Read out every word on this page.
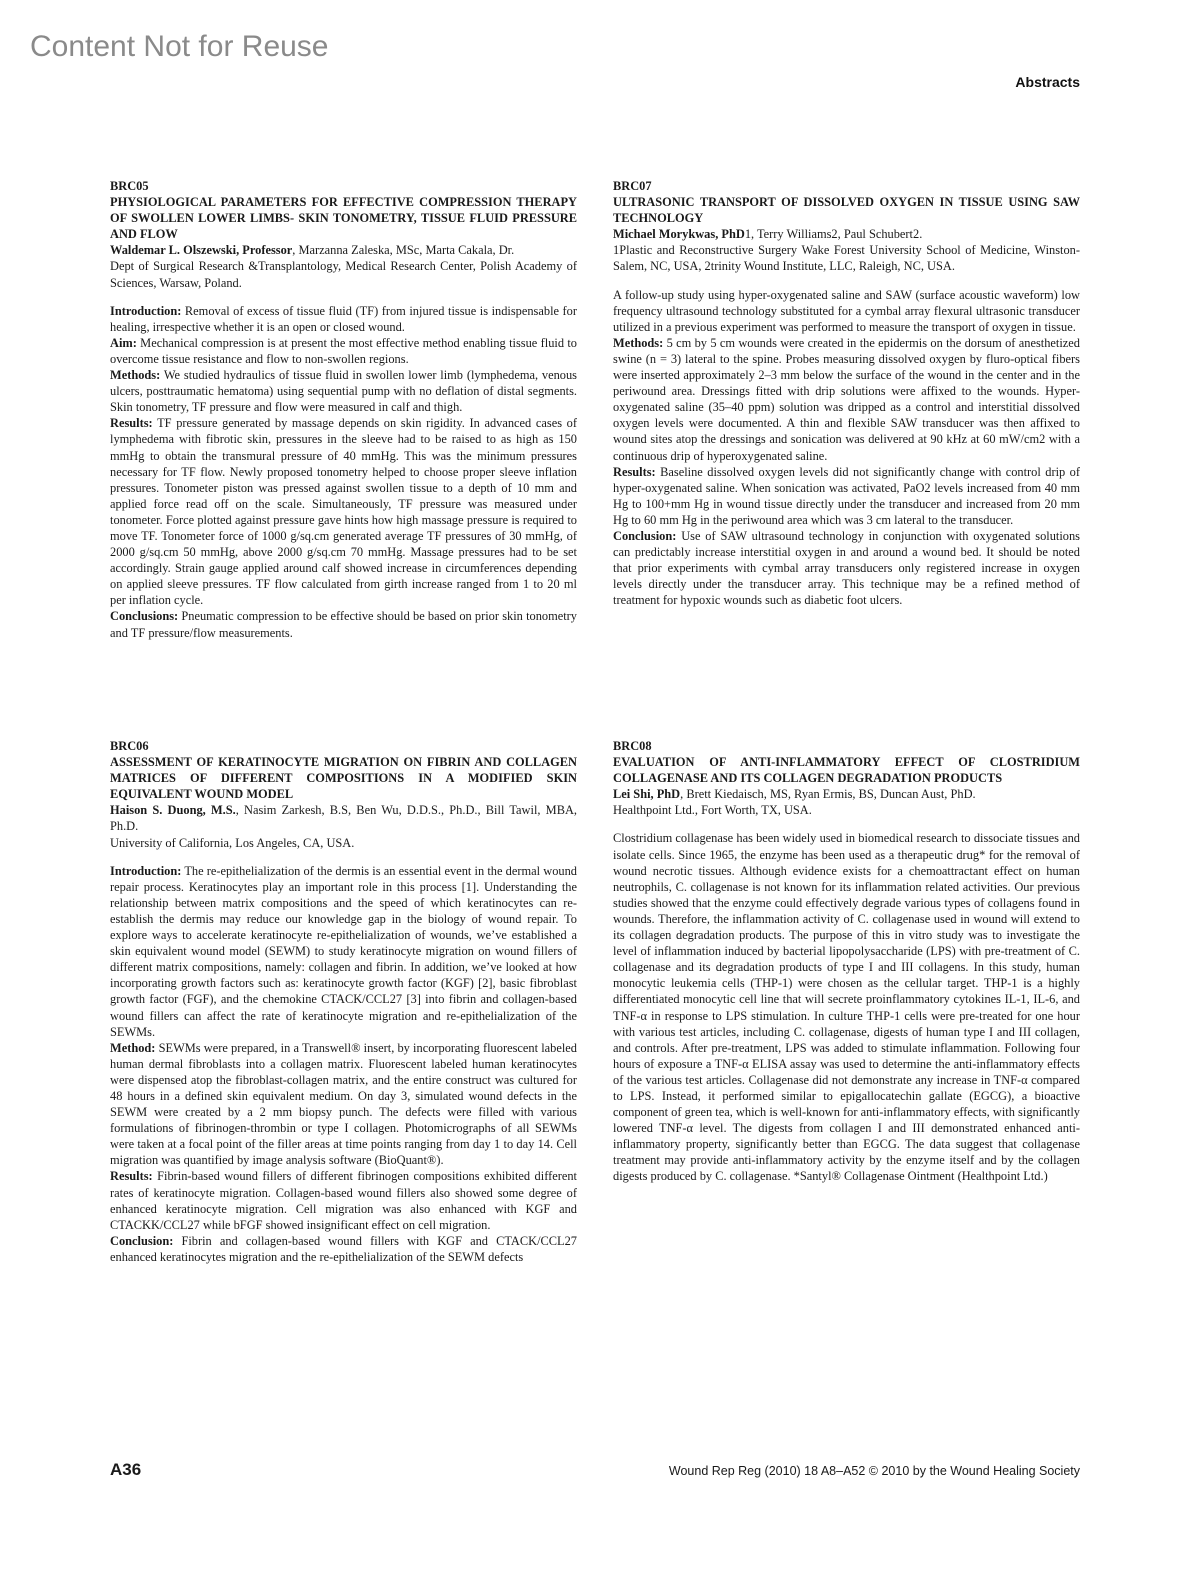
Content Not for Reuse
Abstracts

BRC05

PHYSIOLOGICAL PARAMETERS FOR EFFECTIVE COMPRESSION THERAPY OF SWOLLEN LOWER LIMBS- SKIN TONOMETRY, TISSUE FLUID PRESSURE AND FLOW

Waldemar L. Olszewski, Professor, Marzanna Zaleska, MSc, Marta Cakala, Dr.

Dept of Surgical Research &Transplantology, Medical Research Center, Polish Academy of Sciences, Warsaw, Poland.

Introduction: Removal of excess of tissue fluid (TF) from injured tissue is indispensable for healing, irrespective whether it is an open or closed wound.

Aim: Mechanical compression is at present the most effective method enabling tissue fluid to overcome tissue resistance and flow to non-swollen regions.

Methods: We studied hydraulics of tissue fluid in swollen lower limb (lymphedema, venous ulcers, posttraumatic hematoma) using sequential pump with no deflation of distal segments. Skin tonometry, TF pressure and flow were measured in calf and thigh.

Results: TF pressure generated by massage depends on skin rigidity. In advanced cases of lymphedema with fibrotic skin, pressures in the sleeve had to be raised to as high as 150 mmHg to obtain the transmural pressure of 40 mmHg. This was the minimum pressures necessary for TF flow. Newly proposed tonometry helped to choose proper sleeve inflation pressures. Tonometer piston was pressed against swollen tissue to a depth of 10 mm and applied force read off on the scale. Simultaneously, TF pressure was measured under tonometer. Force plotted against pressure gave hints how high massage pressure is required to move TF. Tonometer force of 1000 g/sq.cm generated average TF pressures of 30 mmHg, of 2000 g/sq.cm 50 mmHg, above 2000 g/sq.cm 70 mmHg. Massage pressures had to be set accordingly. Strain gauge applied around calf showed increase in circumferences depending on applied sleeve pressures. TF flow calculated from girth increase ranged from 1 to 20 ml per inflation cycle.

Conclusions: Pneumatic compression to be effective should be based on prior skin tonometry and TF pressure/flow measurements.

BRC07

ULTRASONIC TRANSPORT OF DISSOLVED OXYGEN IN TISSUE USING SAW TECHNOLOGY

Michael Morykwas, PhD1, Terry Williams2, Paul Schubert2.

1Plastic and Reconstructive Surgery Wake Forest University School of Medicine, Winston-Salem, NC, USA, 2trinity Wound Institute, LLC, Raleigh, NC, USA.

A follow-up study using hyper-oxygenated saline and SAW (surface acoustic waveform) low frequency ultrasound technology substituted for a cymbal array flexural ultrasonic transducer utilized in a previous experiment was performed to measure the transport of oxygen in tissue.

Methods: 5 cm by 5 cm wounds were created in the epidermis on the dorsum of anesthetized swine (n = 3) lateral to the spine. Probes measuring dissolved oxygen by fluro-optical fibers were inserted approximately 2–3 mm below the surface of the wound in the center and in the periwound area. Dressings fitted with drip solutions were affixed to the wounds. Hyper-oxygenated saline (35–40 ppm) solution was dripped as a control and interstitial dissolved oxygen levels were documented. A thin and flexible SAW transducer was then affixed to wound sites atop the dressings and sonication was delivered at 90 kHz at 60 mW/cm2 with a continuous drip of hyperoxygenated saline.

Results: Baseline dissolved oxygen levels did not significantly change with control drip of hyper-oxygenated saline. When sonication was activated, PaO2 levels increased from 40 mm Hg to 100+mm Hg in wound tissue directly under the transducer and increased from 20 mm Hg to 60 mm Hg in the periwound area which was 3 cm lateral to the transducer.

Conclusion: Use of SAW ultrasound technology in conjunction with oxygenated solutions can predictably increase interstitial oxygen in and around a wound bed. It should be noted that prior experiments with cymbal array transducers only registered increase in oxygen levels directly under the transducer array. This technique may be a refined method of treatment for hypoxic wounds such as diabetic foot ulcers.

BRC06

ASSESSMENT OF KERATINOCYTE MIGRATION ON FIBRIN AND COLLAGEN MATRICES OF DIFFERENT COMPOSITIONS IN A MODIFIED SKIN EQUIVALENT WOUND MODEL

Haison S. Duong, M.S., Nasim Zarkesh, B.S, Ben Wu, D.D.S., Ph.D., Bill Tawil, MBA, Ph.D.

University of California, Los Angeles, CA, USA.

Introduction: The re-epithelialization of the dermis is an essential event in the dermal wound repair process. Keratinocytes play an important role in this process [1]. Understanding the relationship between matrix compositions and the speed of which keratinocytes can re-establish the dermis may reduce our knowledge gap in the biology of wound repair. To explore ways to accelerate keratinocyte re-epithelialization of wounds, we’ve established a skin equivalent wound model (SEWM) to study keratinocyte migration on wound fillers of different matrix compositions, namely: collagen and fibrin. In addition, we’ve looked at how incorporating growth factors such as: keratinocyte growth factor (KGF) [2], basic fibroblast growth factor (FGF), and the chemokine CTACK/CCL27 [3] into fibrin and collagen-based wound fillers can affect the rate of keratinocyte migration and re-epithelialization of the SEWMs.

Method: SEWMs were prepared, in a Transwell® insert, by incorporating fluorescent labeled human dermal fibroblasts into a collagen matrix. Fluorescent labeled human keratinocytes were dispensed atop the fibroblast-collagen matrix, and the entire construct was cultured for 48 hours in a defined skin equivalent medium. On day 3, simulated wound defects in the SEWM were created by a 2 mm biopsy punch. The defects were filled with various formulations of fibrinogen-thrombin or type I collagen. Photomicrographs of all SEWMs were taken at a focal point of the filler areas at time points ranging from day 1 to day 14. Cell migration was quantified by image analysis software (BioQuant®).

Results: Fibrin-based wound fillers of different fibrinogen compositions exhibited different rates of keratinocyte migration. Collagen-based wound fillers also showed some degree of enhanced keratinocyte migration. Cell migration was also enhanced with KGF and CTACKK/CCL27 while bFGF showed insignificant effect on cell migration.

Conclusion: Fibrin and collagen-based wound fillers with KGF and CTACK/CCL27 enhanced keratinocytes migration and the re-epithelialization of the SEWM defects

BRC08

EVALUATION OF ANTI-INFLAMMATORY EFFECT OF CLOSTRIDIUM COLLAGENASE AND ITS COLLAGEN DEGRADATION PRODUCTS

Lei Shi, PhD, Brett Kiedaisch, MS, Ryan Ermis, BS, Duncan Aust, PhD.

Healthpoint Ltd., Fort Worth, TX, USA.

Clostridium collagenase has been widely used in biomedical research to dissociate tissues and isolate cells. Since 1965, the enzyme has been used as a therapeutic drug* for the removal of wound necrotic tissues. Although evidence exists for a chemoattractant effect on human neutrophils, C. collagenase is not known for its inflammation related activities. Our previous studies showed that the enzyme could effectively degrade various types of collagens found in wounds. Therefore, the inflammation activity of C. collagenase used in wound will extend to its collagen degradation products. The purpose of this in vitro study was to investigate the level of inflammation induced by bacterial lipopolysaccharide (LPS) with pre-treatment of C. collagenase and its degradation products of type I and III collagens. In this study, human monocytic leukemia cells (THP-1) were chosen as the cellular target. THP-1 is a highly differentiated monocytic cell line that will secrete proinflammatory cytokines IL-1, IL-6, and TNF-α in response to LPS stimulation. In culture THP-1 cells were pre-treated for one hour with various test articles, including C. collagenase, digests of human type I and III collagen, and controls. After pre-treatment, LPS was added to stimulate inflammation. Following four hours of exposure a TNF-α ELISA assay was used to determine the anti-inflammatory effects of the various test articles. Collagenase did not demonstrate any increase in TNF-α compared to LPS. Instead, it performed similar to epigallocatechin gallate (EGCG), a bioactive component of green tea, which is well-known for anti-inflammatory effects, with significantly lowered TNF-α level. The digests from collagen I and III demonstrated enhanced anti-inflammatory property, significantly better than EGCG. The data suggest that collagenase treatment may provide anti-inflammatory activity by the enzyme itself and by the collagen digests produced by C. collagenase. *Santyl® Collagenase Ointment (Healthpoint Ltd.)

A36	Wound Rep Reg (2010) 18 A8–A52 © 2010 by the Wound Healing Society
